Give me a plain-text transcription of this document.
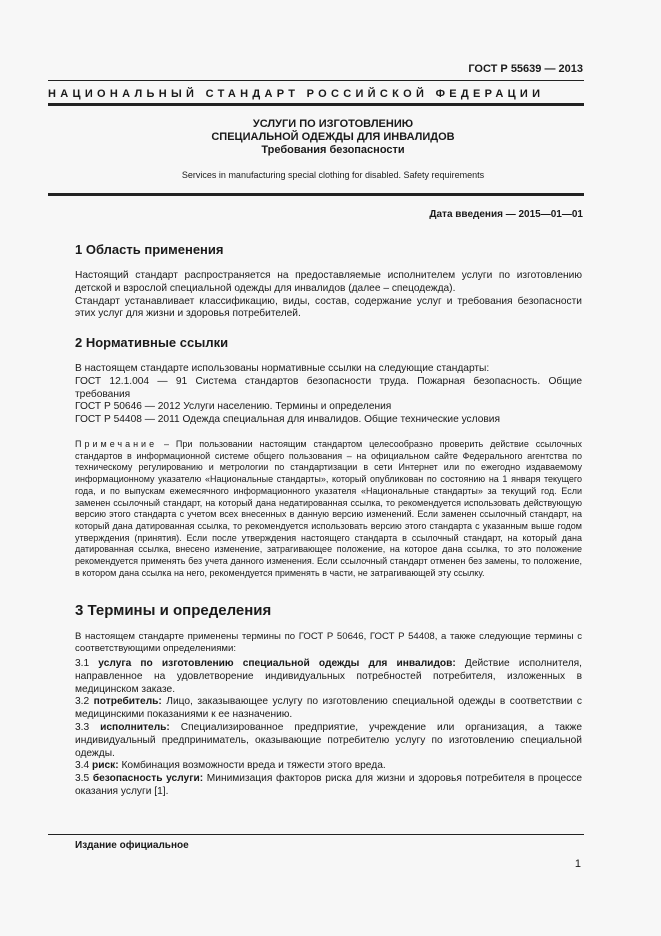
ГОСТ Р 55639 — 2013
НАЦИОНАЛЬНЫЙ СТАНДАРТ РОССИЙСКОЙ ФЕДЕРАЦИИ
УСЛУГИ ПО ИЗГОТОВЛЕНИЮ
СПЕЦИАЛЬНОЙ ОДЕЖДЫ ДЛЯ ИНВАЛИДОВ
Требования безопасности
Services in manufacturing special clothing for disabled. Safety requirements
Дата введения — 2015—01—01
1 Область применения

Настоящий стандарт распространяется на предоставляемые исполнителем услуги по изготовлению детской и взрослой специальной одежды для инвалидов (далее – спецодежда).

Стандарт устанавливает классификацию, виды, состав, содержание услуг и требования безопасности этих услуг для жизни и здоровья потребителей.

2 Нормативные ссылки

В настоящем стандарте использованы нормативные ссылки на следующие стандарты:

ГОСТ 12.1.004 — 91 Система стандартов безопасности труда. Пожарная безопасность. Общие требования

ГОСТ Р 50646 — 2012 Услуги населению. Термины и определения

ГОСТ Р 54408 — 2011 Одежда специальная для инвалидов. Общие технические условия

Примечание – При пользовании настоящим стандартом целесообразно проверить действие ссылочных стандартов в информационной системе общего пользования – на официальном сайте Федерального агентства по техническому регулированию и метрологии по стандартизации в сети Интернет или по ежегодно издаваемому информационному указателю «Национальные стандарты», который опубликован по состоянию на 1 января текущего года, и по выпускам ежемесячного информационного указателя «Национальные стандарты» за текущий год. Если заменен ссылочный стандарт, на который дана недатированная ссылка, то рекомендуется использовать действующую версию этого стандарта с учетом всех внесенных в данную версию изменений. Если заменен ссылочный стандарт, на который дана датированная ссылка, то рекомендуется использовать версию этого стандарта с указанным выше годом утверждения (принятия). Если после утверждения настоящего стандарта в ссылочный стандарт, на который дана датированная ссылка, внесено изменение, затрагивающее положение, на которое дана ссылка, то это положение рекомендуется применять без учета данного изменения. Если ссылочный стандарт отменен без замены, то положение, в котором дана ссылка на него, рекомендуется применять в части, не затрагивающей эту ссылку.
3 Термины и определения

В настоящем стандарте применены термины по ГОСТ Р 50646, ГОСТ Р 54408, а также следующие термины с соответствующими определениями:

3.1 услуга по изготовлению специальной одежды для инвалидов: Действие исполнителя, направленное на удовлетворение индивидуальных потребностей потребителя, изложенных в медицинском заказе.

3.2 потребитель: Лицо, заказывающее услугу по изготовлению специальной одежды в соответствии с медицинскими показаниями к ее назначению.

3.3 исполнитель: Специализированное предприятие, учреждение или организация, а также индивидуальный предприниматель, оказывающие потребителю услугу по изготовлению специальной одежды.

3.4 риск: Комбинация возможности вреда и тяжести этого вреда.

3.5 безопасность услуги: Минимизация факторов риска для жизни и здоровья потребителя в процессе оказания услуги [1].

Издание официальное
1
